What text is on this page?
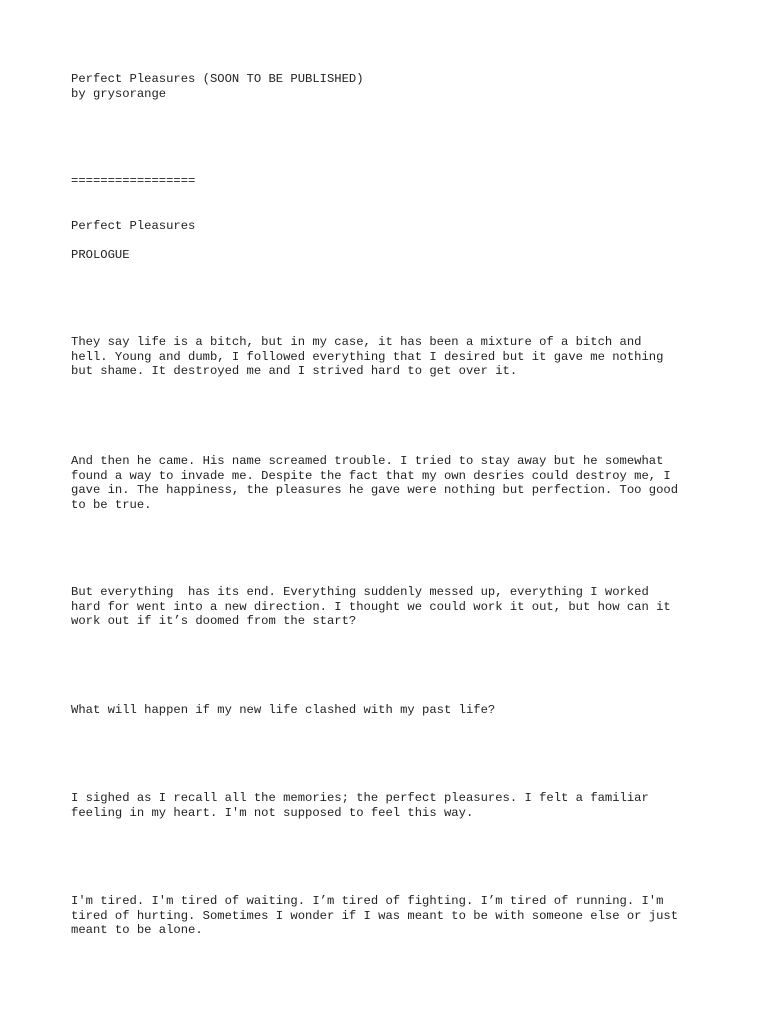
Perfect Pleasures (SOON TO BE PUBLISHED)

by grysorange

=================

Perfect Pleasures

PROLOGUE

They say life is a bitch, but in my case, it has been a mixture of a bitch and
hell. Young and dumb, I followed everything that I desired but it gave me nothing
but shame. It destroyed me and I strived hard to get over it.

And then he came. His name screamed trouble. I tried to stay away but he somewhat
found a way to invade me. Despite the fact that my own desries could destroy me, I
gave in. The happiness, the pleasures he gave were nothing but perfection. Too good
to be true.

But everything  has its end. Everything suddenly messed up, everything I worked
hard for went into a new direction. I thought we could work it out, but how can it
work out if it’s doomed from the start?

What will happen if my new life clashed with my past life?

I sighed as I recall all the memories; the perfect pleasures. I felt a familiar
feeling in my heart. I'm not supposed to feel this way.

I'm tired. I'm tired of waiting. I’m tired of fighting. I’m tired of running. I'm
tired of hurting. Sometimes I wonder if I was meant to be with someone else or just
meant to be alone.
